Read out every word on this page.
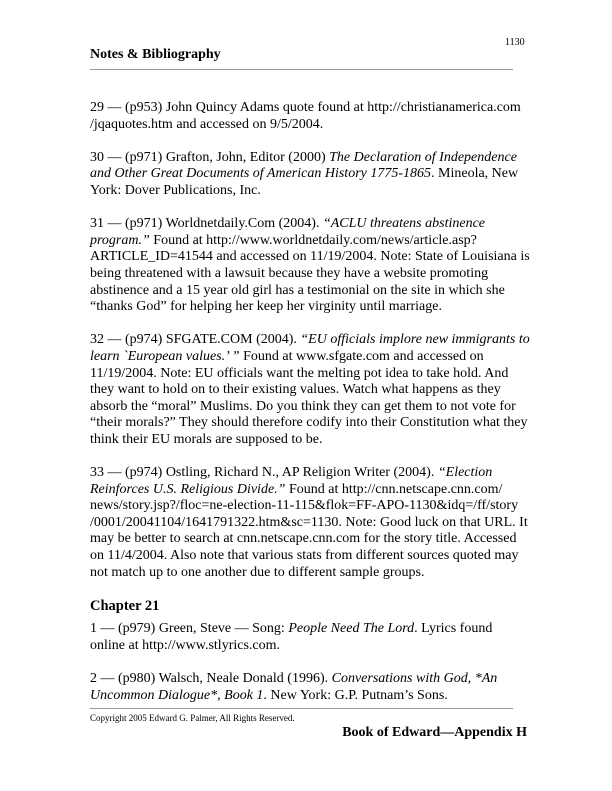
1130
Notes & Bibliography

29 — (p953) John Quincy Adams quote found at http://christianamerica.com
/jqaquotes.htm and accessed on 9/5/2004.

30 — (p971) Grafton, John, Editor (2000) The Declaration of Independence and Other Great Documents of American History 1775-1865. Mineola, New York: Dover Publications, Inc.

31 — (p971) Worldnetdaily.Com (2004). “ACLU threatens abstinence program.” Found at http://www.worldnetdaily.com/news/article.asp? ARTICLE_ID=41544 and accessed on 11/19/2004. Note: State of Louisiana is being threatened with a lawsuit because they have a website promoting abstinence and a 15 year old girl has a testimonial on the site in which she “thanks God” for helping her keep her virginity until marriage.

32 — (p974) SFGATE.COM (2004). “EU officials implore new immigrants to learn `European values.’ ” Found at www.sfgate.com and accessed on 11/19/2004. Note: EU officials want the melting pot idea to take hold. And they want to hold on to their existing values. Watch what happens as they absorb the “moral” Muslims. Do you think they can get them to not vote for “their morals?” They should therefore codify into their Constitution what they think their EU morals are supposed to be.

33 — (p974) Ostling, Richard N., AP Religion Writer (2004). “Election Reinforces U.S. Religious Divide.” Found at http://cnn.netscape.cnn.com/ news/story.jsp?/floc=ne-election-11-115&flok=FF-APO-1130&idq=/ff/story /0001/20041104/1641791322.htm&sc=1130. Note: Good luck on that URL. It may be better to search at cnn.netscape.cnn.com for the story title. Accessed on 11/4/2004. Also note that various stats from different sources quoted may not match up to one another due to different sample groups.

Chapter 21

1 — (p979) Green, Steve — Song: People Need The Lord. Lyrics found online at http://www.stlyrics.com.

2 — (p980) Walsch, Neale Donald (1996). Conversations with God, *An Uncommon Dialogue*, Book 1. New York: G.P. Putnam’s Sons.

Copyright 2005 Edward G. Palmer, All Rights Reserved.
Book of Edward—Appendix H
